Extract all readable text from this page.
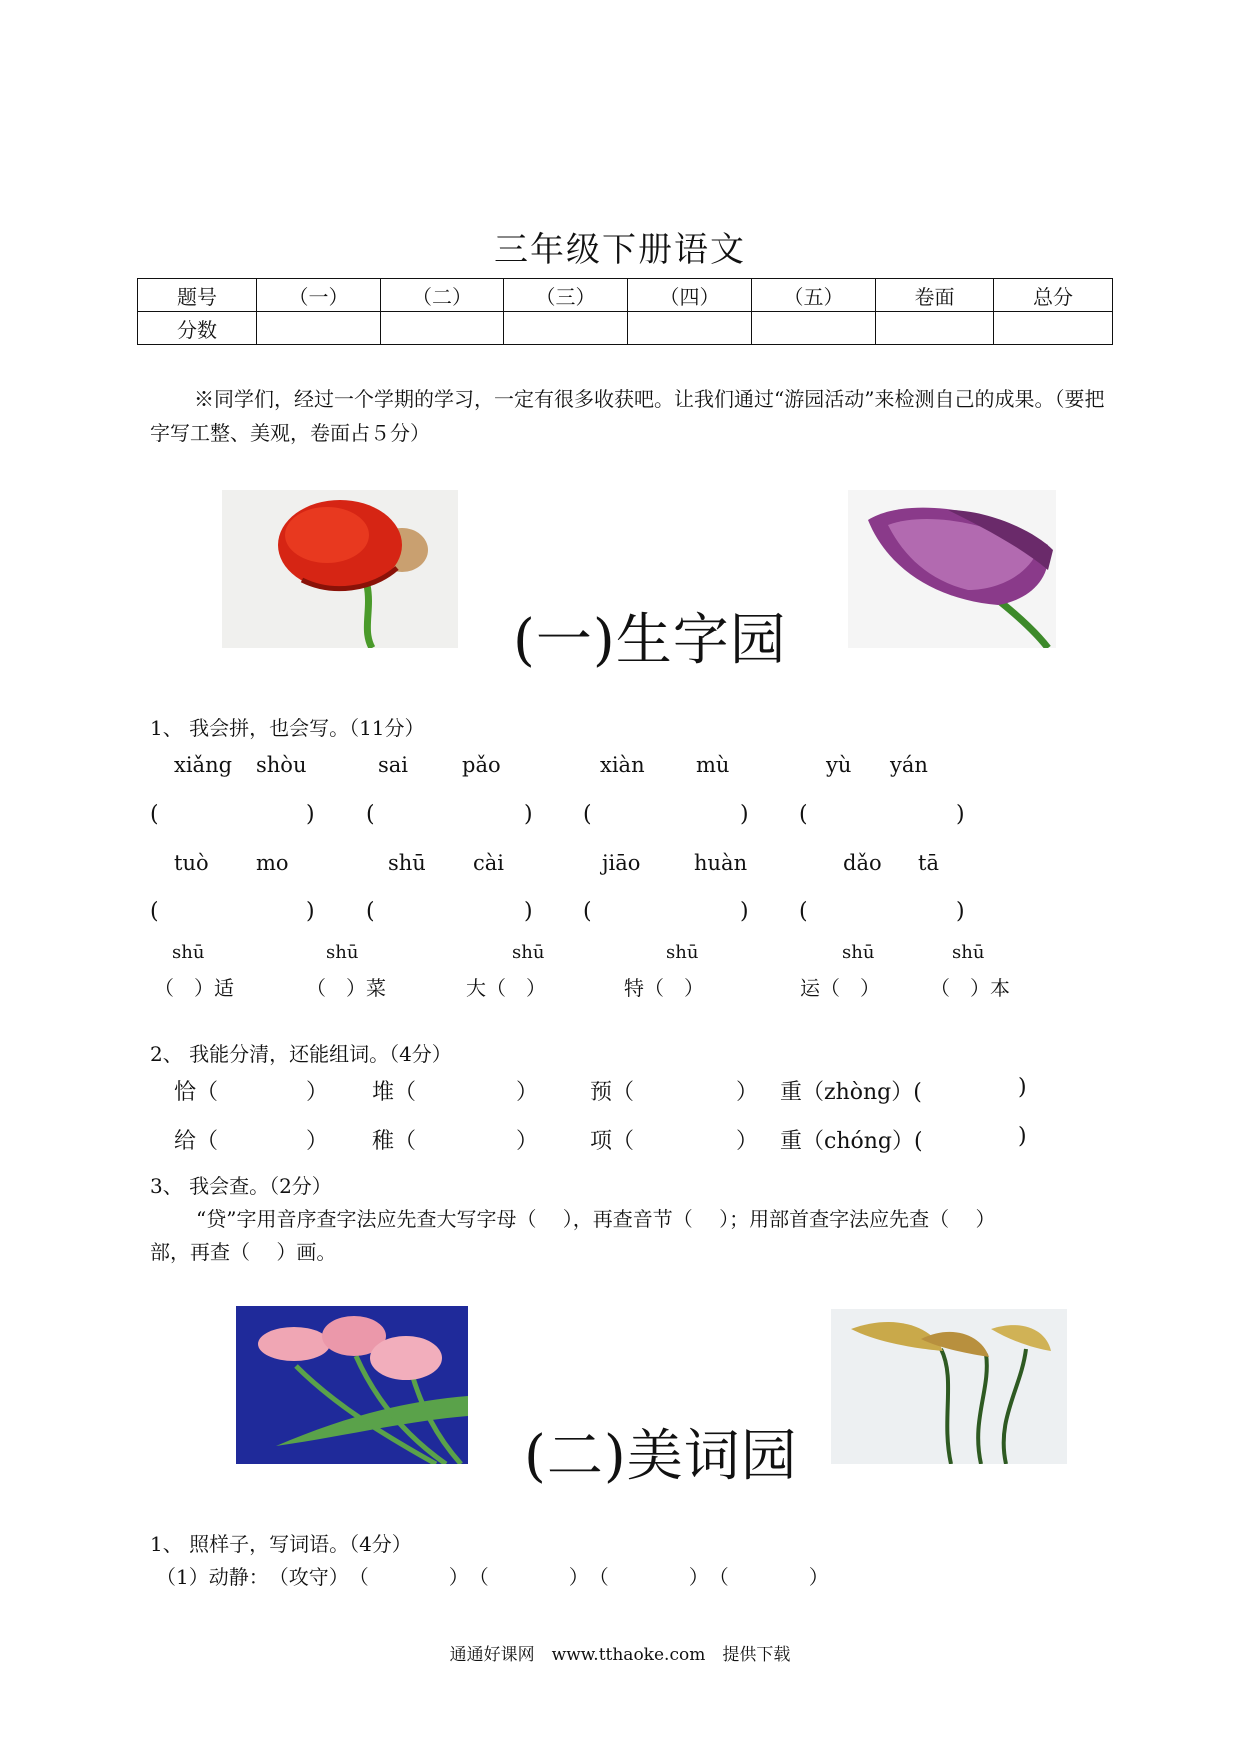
三年级下册语文
题号	（一）	（二）	（三）	（四）	（五）	卷面	总分
分数							
※同学们，经过一个学期的学习，一定有很多收获吧。让我们通过“游园活动”来检测自己的成果。（要把字写工整、美观，卷面占５分）
(一)生字园
1、 我会拼，也会写。（11分）
xiǎng shòu	sai	pǎo	xiàn mù	yù yán
(	) (	) (	) (	)
tuò mo	shū cài	jiāo	huàn	dǎo tā
(	) (	) (	) (	)
shū	shū	shū	shū	shū	shū
（　）适	（　）菜	大（　）	特（　）	运（　）	（　）本
2、 我能分清，还能组词。（4分）
恰（	） 堆（	） 预（	） 重（zhòng）(	)
给（	） 稚（	） 项（	） 重（chóng）(	)
3、 我会查。（2分）
“贷”字用音序查字法应先查大写字母（　 ），再查音节（　 ）；用部首查字法应先查（　 ）
部，再查（　 ）画。
(二)美词园
1、 照样子，写词语。（4分）
（1）动静：　（攻守）　（　　　　）　（　　　　）　（　　　　）　（　　　　）
通通好课网　www.tthaoke.com　提供下载
